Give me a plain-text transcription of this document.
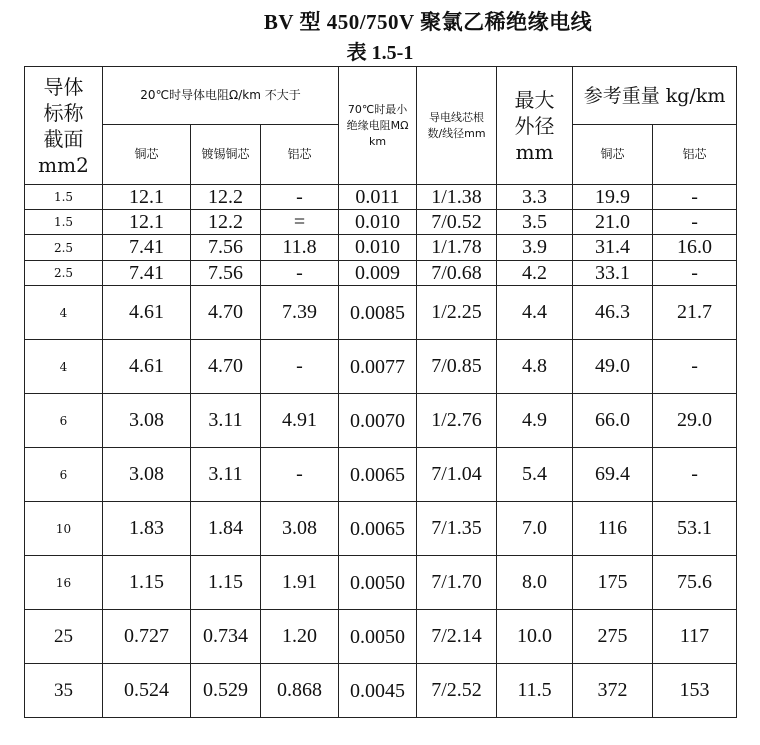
BV 型 450/750V 聚氯乙稀绝缘电线
表 1.5-1
导体
标称
截面
mm2	20℃时导体电阻Ω/km 不大于			70℃时最小绝缘电阻MΩ km	导电线芯根数/线径mm	最大外径 mm	参考重量 kg/km	

	铜芯	镀锡铜芯	铝芯				铜芯	铝芯

1.5	12.1	12.2	-	0.011	1/1.38	3.3	19.9	-
1.5	12.1	12.2	=	0.010	7/0.52	3.5	21.0	-
2.5	7.41	7.56	11.8	0.010	1/1.78	3.9	31.4	16.0
2.5	7.41	7.56	-	0.009	7/0.68	4.2	33.1	-
4	4.61	4.70	7.39	0.0085	1/2.25	4.4	46.3	21.7
4	4.61	4.70	-	0.0077	7/0.85	4.8	49.0	-
6	3.08	3.11	4.91	0.0070	1/2.76	4.9	66.0	29.0
6	3.08	3.11	-	0.0065	7/1.04	5.4	69.4	-
10	1.83	1.84	3.08	0.0065	7/1.35	7.0	116	53.1
16	1.15	1.15	1.91	0.0050	7/1.70	8.0	175	75.6
25	0.727	0.734	1.20	0.0050	7/2.14	10.0	275	117
35	0.524	0.529	0.868	0.0045	7/2.52	11.5	372	153
